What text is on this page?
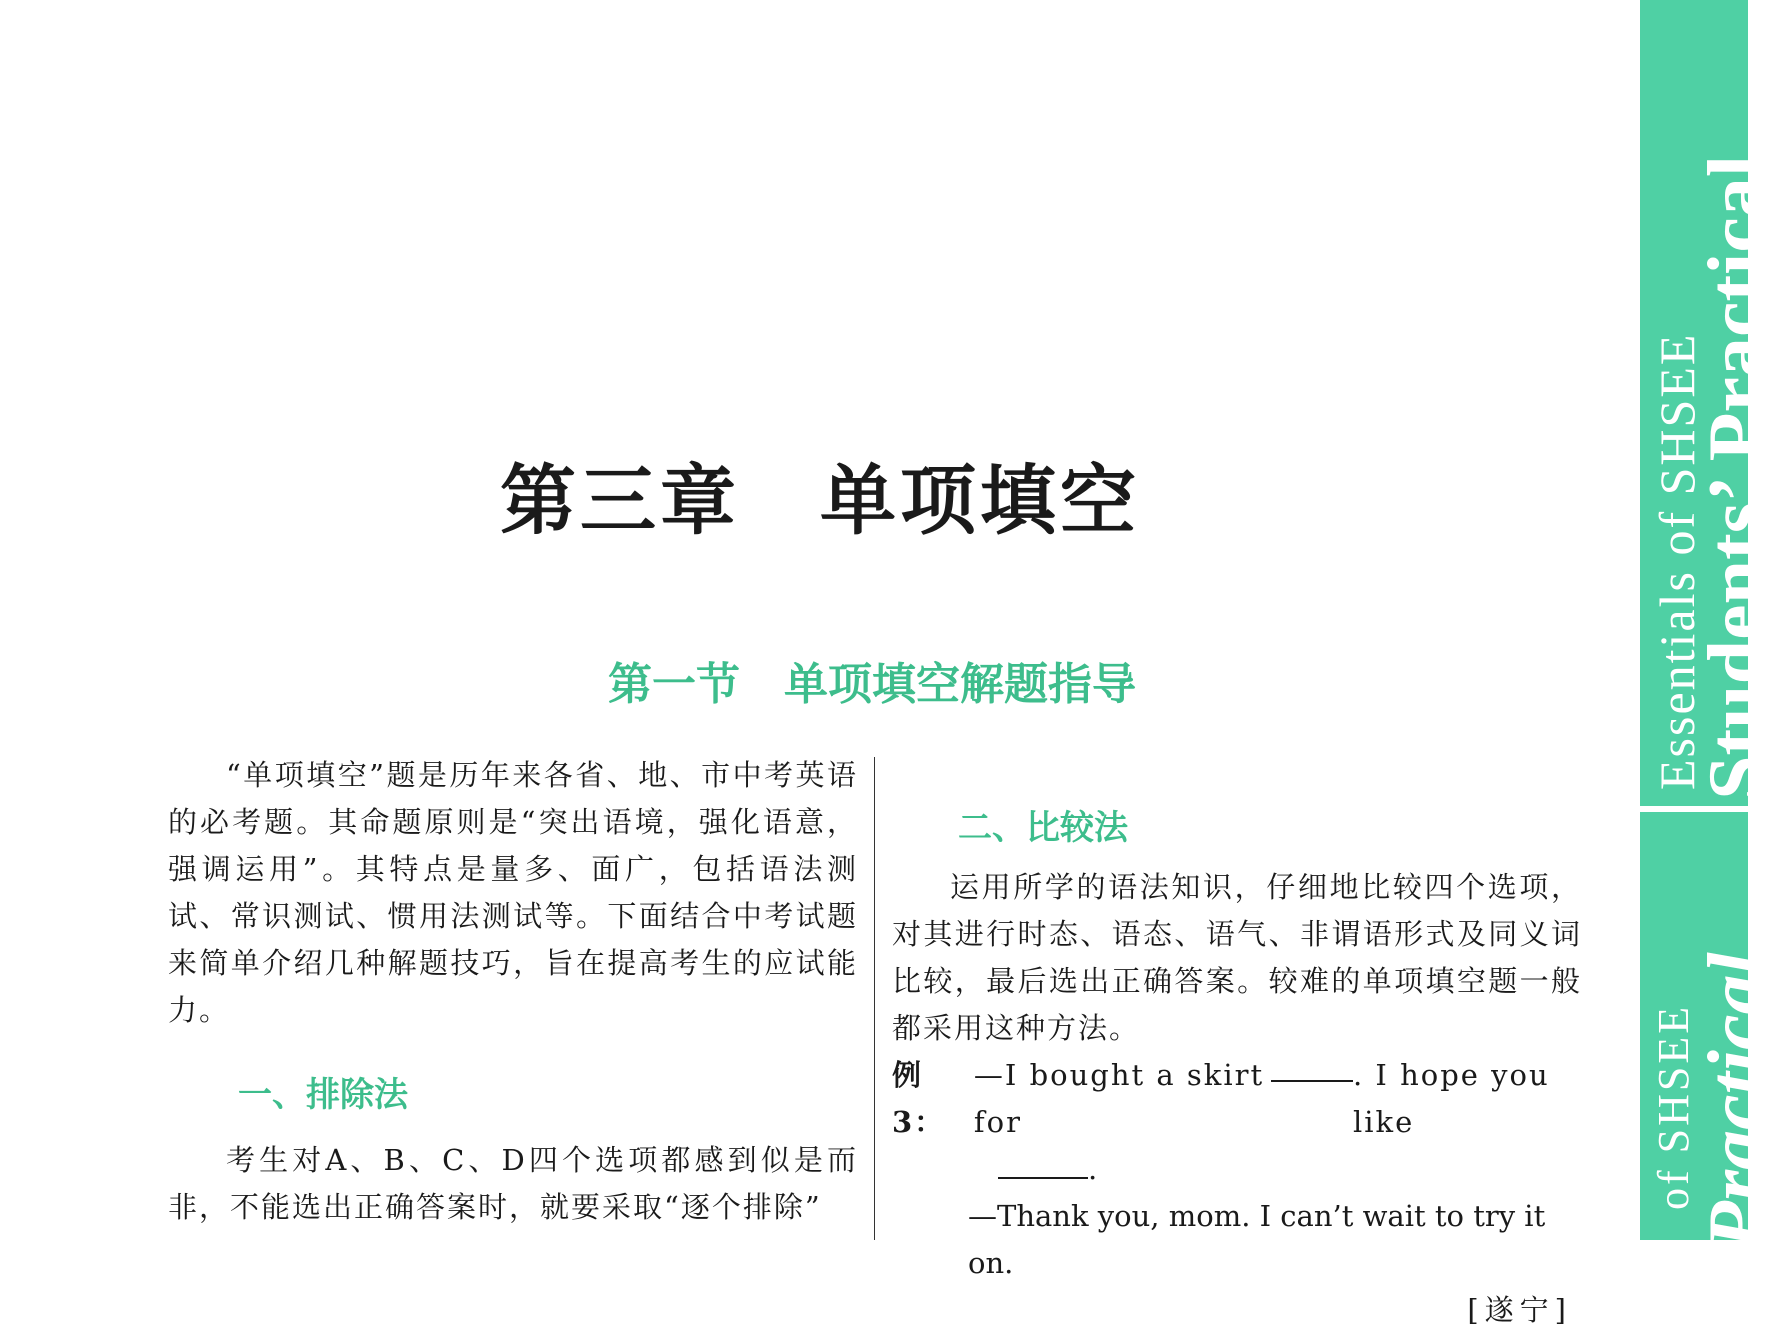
第三章　单项填空
第一节　单项填空解题指导

“单项填空”题是历年来各省、地、市中考英语的必考题。其命题原则是“突出语境，强化语意，强调运用”。其特点是量多、面广，包括语法测试、常识测试、惯用法测试等。下面结合中考试题来简单介绍几种解题技巧，旨在提高考生的应试能力。

一、排除法

考生对A、B、C、D四个选项都感到似是而非，不能选出正确答案时，就要采取“逐个排除”

二、比较法

运用所学的语法知识，仔细地比较四个选项，对其进行时态、语态、语气、非谓语形式及同义词比较，最后选出正确答案。较难的单项填空题一般都采用这种方法。

例 3：
—I bought a skirt for
. I hope you like
.
—Thank you, mom. I can’t wait to try it on.
[遂宁]
of SHSEE
Practical
Essentials of SHSEE
Students’ Practical
